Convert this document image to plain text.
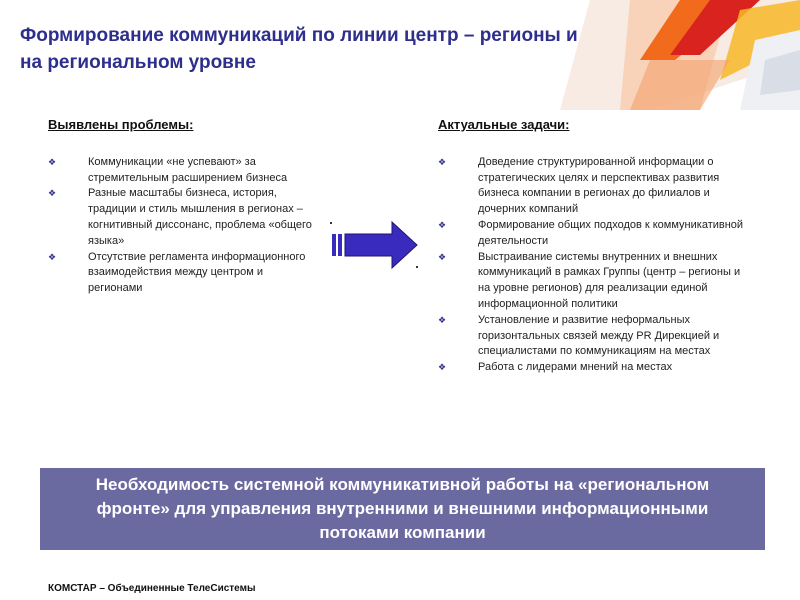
Формирование коммуникаций по линии центр – регионы и на региональном уровне
Выявлены проблемы:
❖	Коммуникации «не успевают» за стремительным расширением бизнеса
❖	Разные масштабы бизнеса, история, традиции и стиль мышления в регионах – когнитивный диссонанс, проблема «общего языка»
❖	Отсутствие регламента информационного взаимодействия между центром и регионами
Актуальные задачи:
❖	Доведение структурированной информации о стратегических целях и перспективах развития бизнеса компании в регионах до филиалов и дочерних компаний
❖	Формирование общих подходов к коммуникативной деятельности
❖	Выстраивание системы внутренних и внешних коммуникаций в рамках Группы (центр – регионы и на уровне регионов) для реализации единой информационной политики
❖	Установление и развитие неформальных горизонтальных связей между PR Дирекцией и специалистами по коммуникациям на местах
❖	Работа с лидерами мнений на местах
Необходимость системной коммуникативной работы на «региональном фронте» для управления внутренними и внешними информационными потоками компании
КОМСТАР – Объединенные ТелеСистемы
